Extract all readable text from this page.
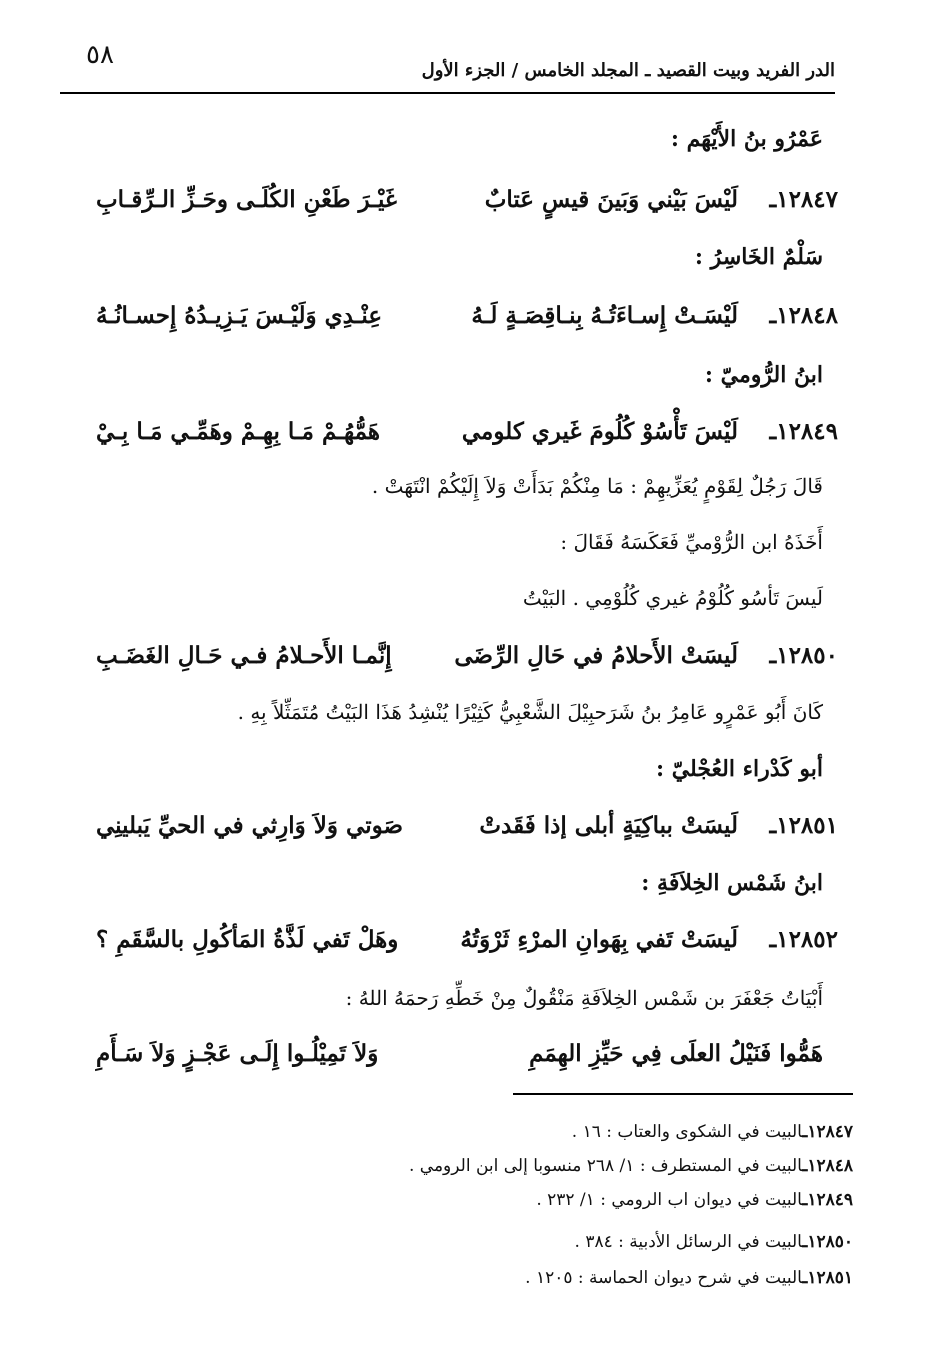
٥٨
الدر الفريد وبيت القصيد ـ المجلد الخامس / الجزء الأول
عَمْرُو بنُ الأَيْهَم :
١٢٨٤٧ـ
لَيْسَ بَيْني وَبَينَ قيسٍ عَتابٌ
غَيْـرَ طَعْنِ الكُلَـى وحَـزِّ الـرِّقـابِ
سَلْمٌ الخَاسِرُ :
١٢٨٤٨ـ
لَيْسَـتْ إِسـاءَتُـهُ بِنـاقِصَـةٍ لَـهُ
عِنْـدِي وَلَيْـسَ يَـزِيـدُهُ إِحسـانُـهُ
ابنُ الرُّوميّ :
١٢٨٤٩ـ
لَيْسَ تَأْسُوْ كُلُومَ غَيري كلومي
هَمُّهُـمْ مَـا بِهِـمْ وهَمِّـي مَـا بِـيْ
قَالَ رَجُلٌ لِقَوْمٍ يُعَزِّيهِمْ : مَا مِنْكُمْ بَدَأَتْ وَلاَ إِلَيْكُمْ انْتَهَتْ .
أَخَذَهُ ابن الرُّوْميِّ فَعَكَسَهُ فَقَالَ :
لَيسَ تَأسُو كُلُوْمُ غيري كُلُوْمِي . البَيْتُ
١٢٨٥٠ـ
لَيسَتْ الأَحلامُ في حَالِ الرِّضَى
إِنَّمـا الأَحـلامُ فـي حَـالِ الغَضَـبِ
كَانَ أَبُو عَمْرٍو عَامِرُ بنُ شَرَحبِيْلَ الشَّعْبِيُّ كَثِيْرًا يُنْشِدُ هَذَا البَيْتُ مُتَمَثِّلاً بِهِ .
أبو كَدْراء العُجْليّ :
١٢٨٥١ـ
لَيسَتْ بباكِيَةٍ أبلى إذا فَقَدتْ
صَوتي وَلاَ وَارِثي في الحيِّ يَبلينِي
ابنُ شَمْس الخِلاَفَةِ :
١٢٨٥٢ـ
لَيسَتْ تَفي بِهَوانِ المرْءِ ثَرْوَتُهُ
وهَلْ تَفي لَذَّةُ المَأكُولِ بالسَّقَمِ ؟
أَبْيَاتُ جَعْفَرَ بن شَمْس الخِلاَفَةِ مَنْقُولٌ مِنْ خَطِّهِ رَحمَهُ اللهُ :
هَمُّوا فَنَيْلُ العلَى فِي حَيِّزِ الهِمَمِ
وَلاَ تَمِيْلُـوا إِلَـى عَجْـزٍ وَلاَ سَـأَمِ
١٢٨٤٧ـالبيت في الشكوى والعتاب : ١٦ .
١٢٨٤٨ـالبيت في المستطرف : ١/ ٢٦٨ منسوبا إلى ابن الرومي .
١٢٨٤٩ـالبيت في ديوان اب الرومي : ١/ ٢٣٢ .
١٢٨٥٠ـالبيت في الرسائل الأدبية : ٣٨٤ .
١٢٨٥١ـالبيت في شرح ديوان الحماسة : ١٢٠٥ .
